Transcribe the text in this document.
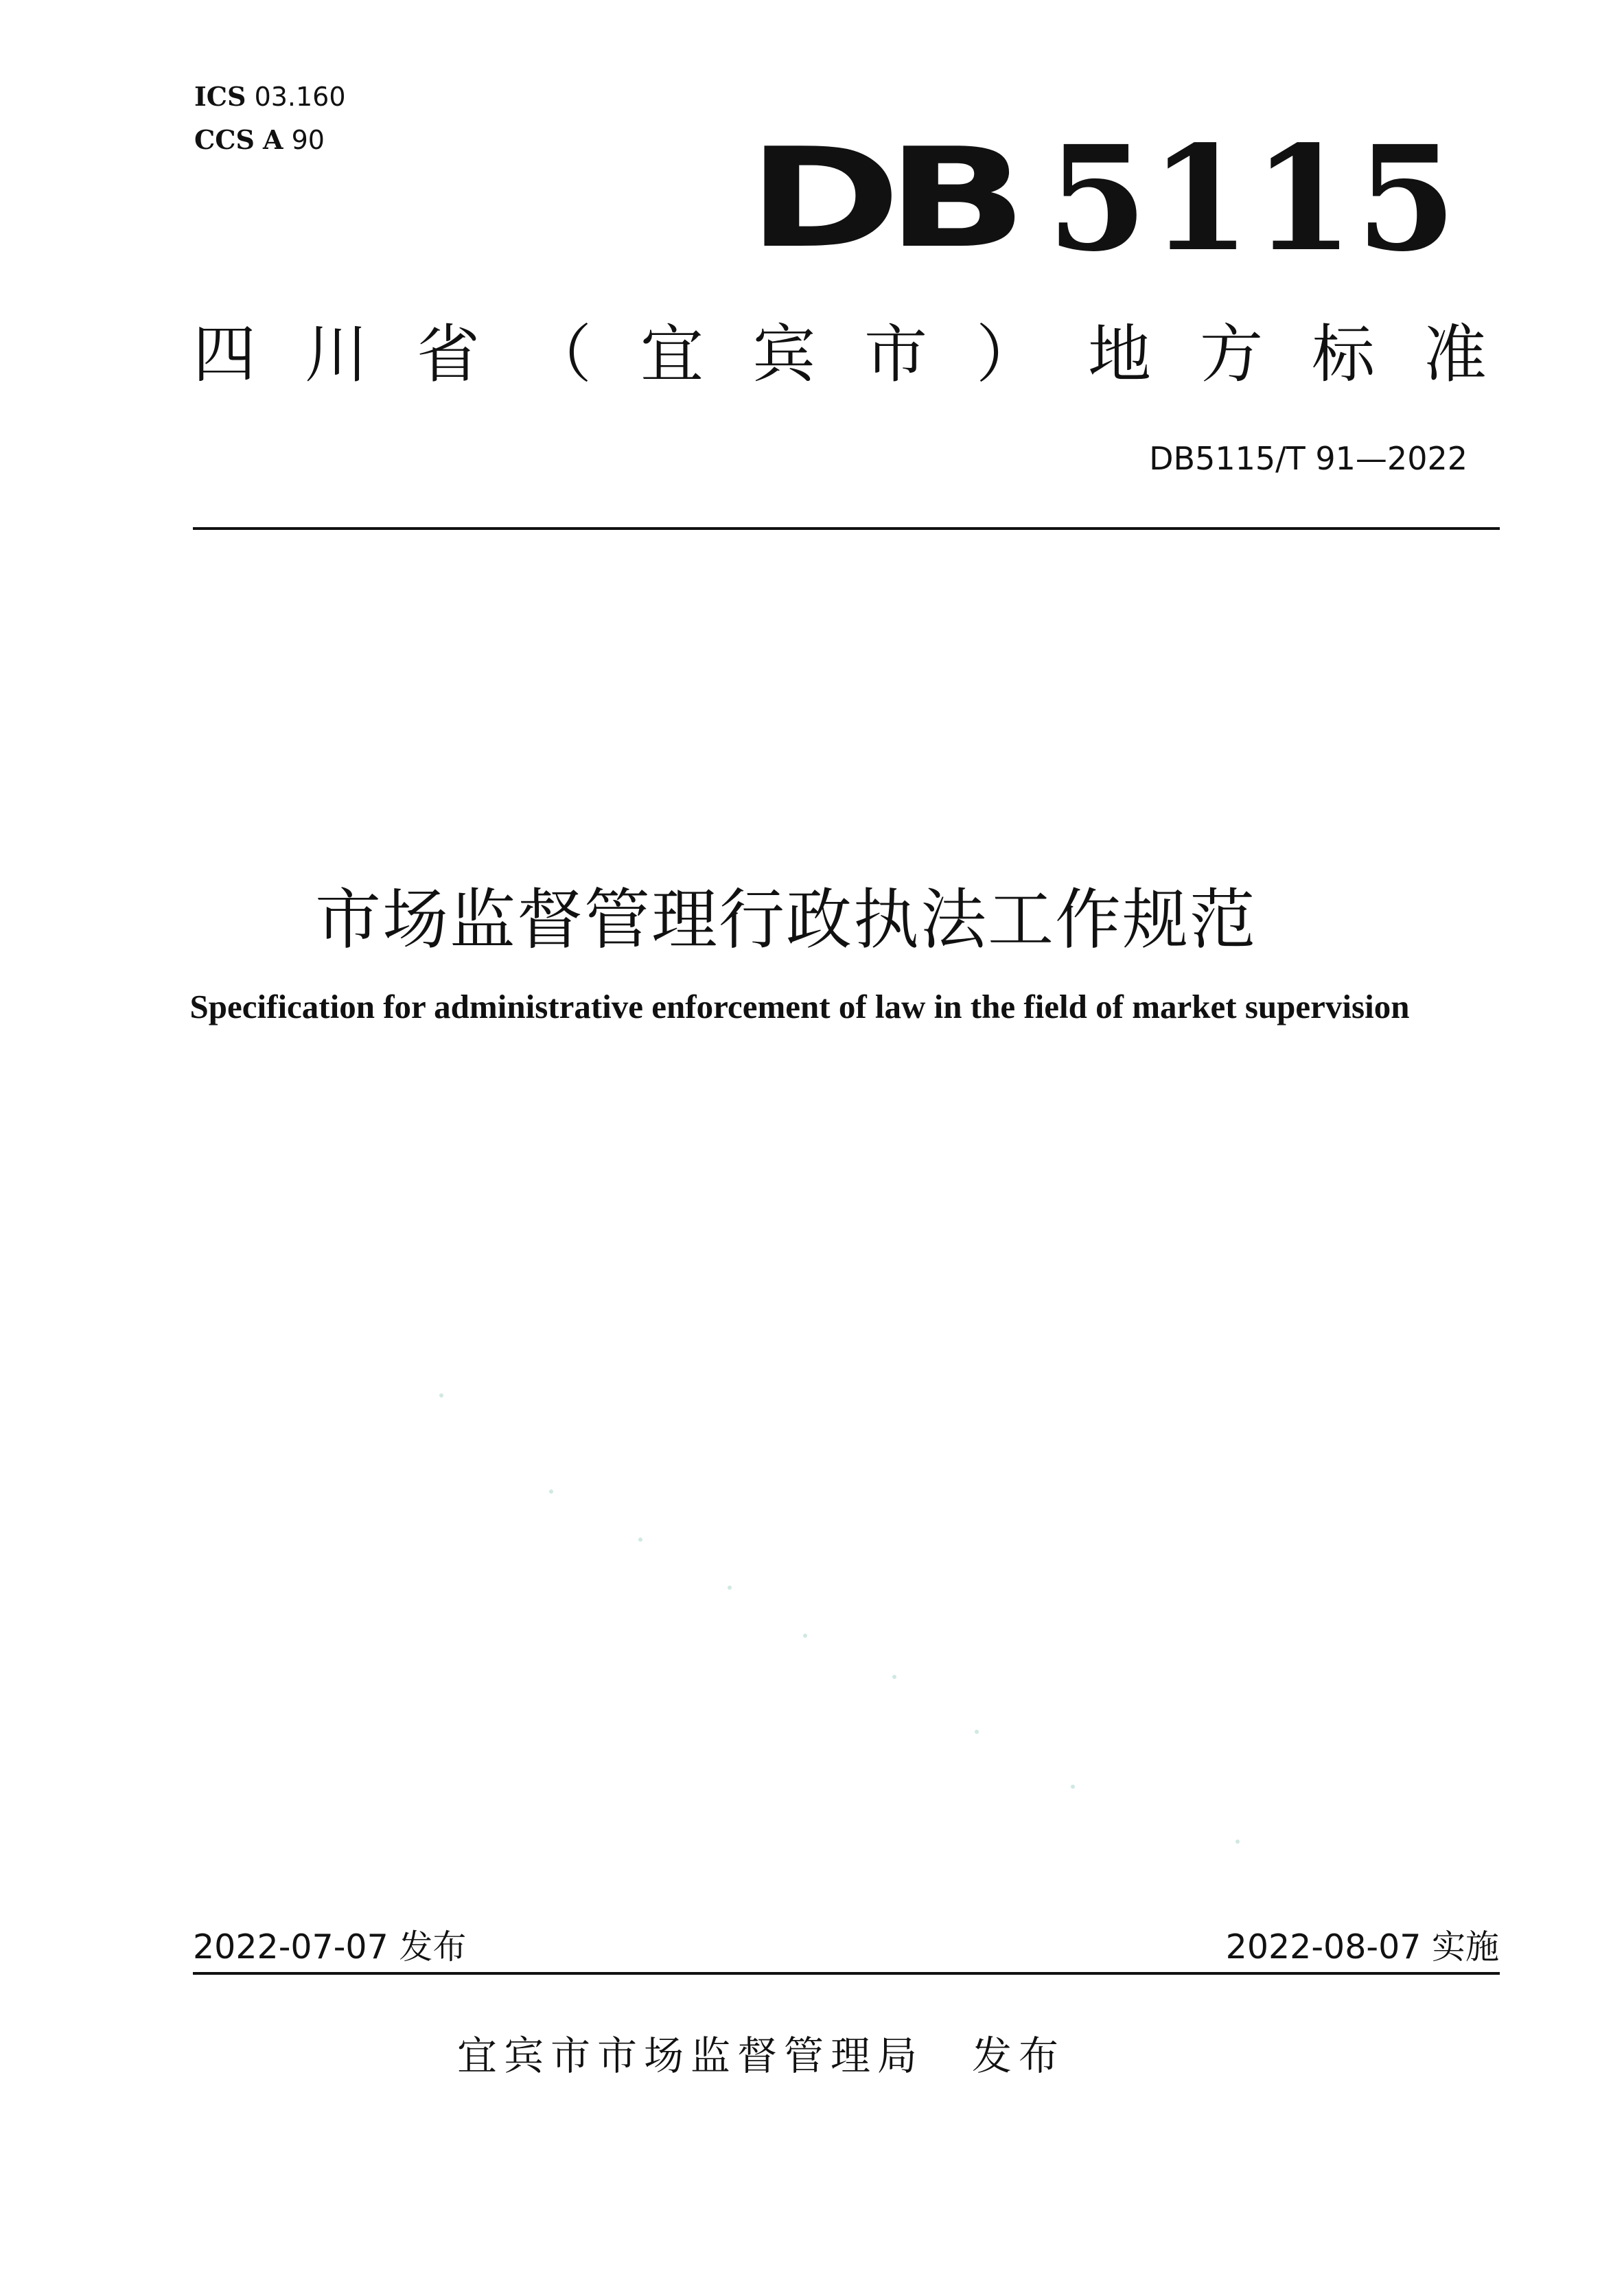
ICS 03.160
CCS A 90	DB 5115
四川省（宜宾市）地方标准
DB5115/T 91—2022
市场监督管理行政执法工作规范
Specification for administrative enforcement of law in the field of market supervision
2022-07-07 发布	2022-08-07 实施
宜宾市市场监督管理局 发布
